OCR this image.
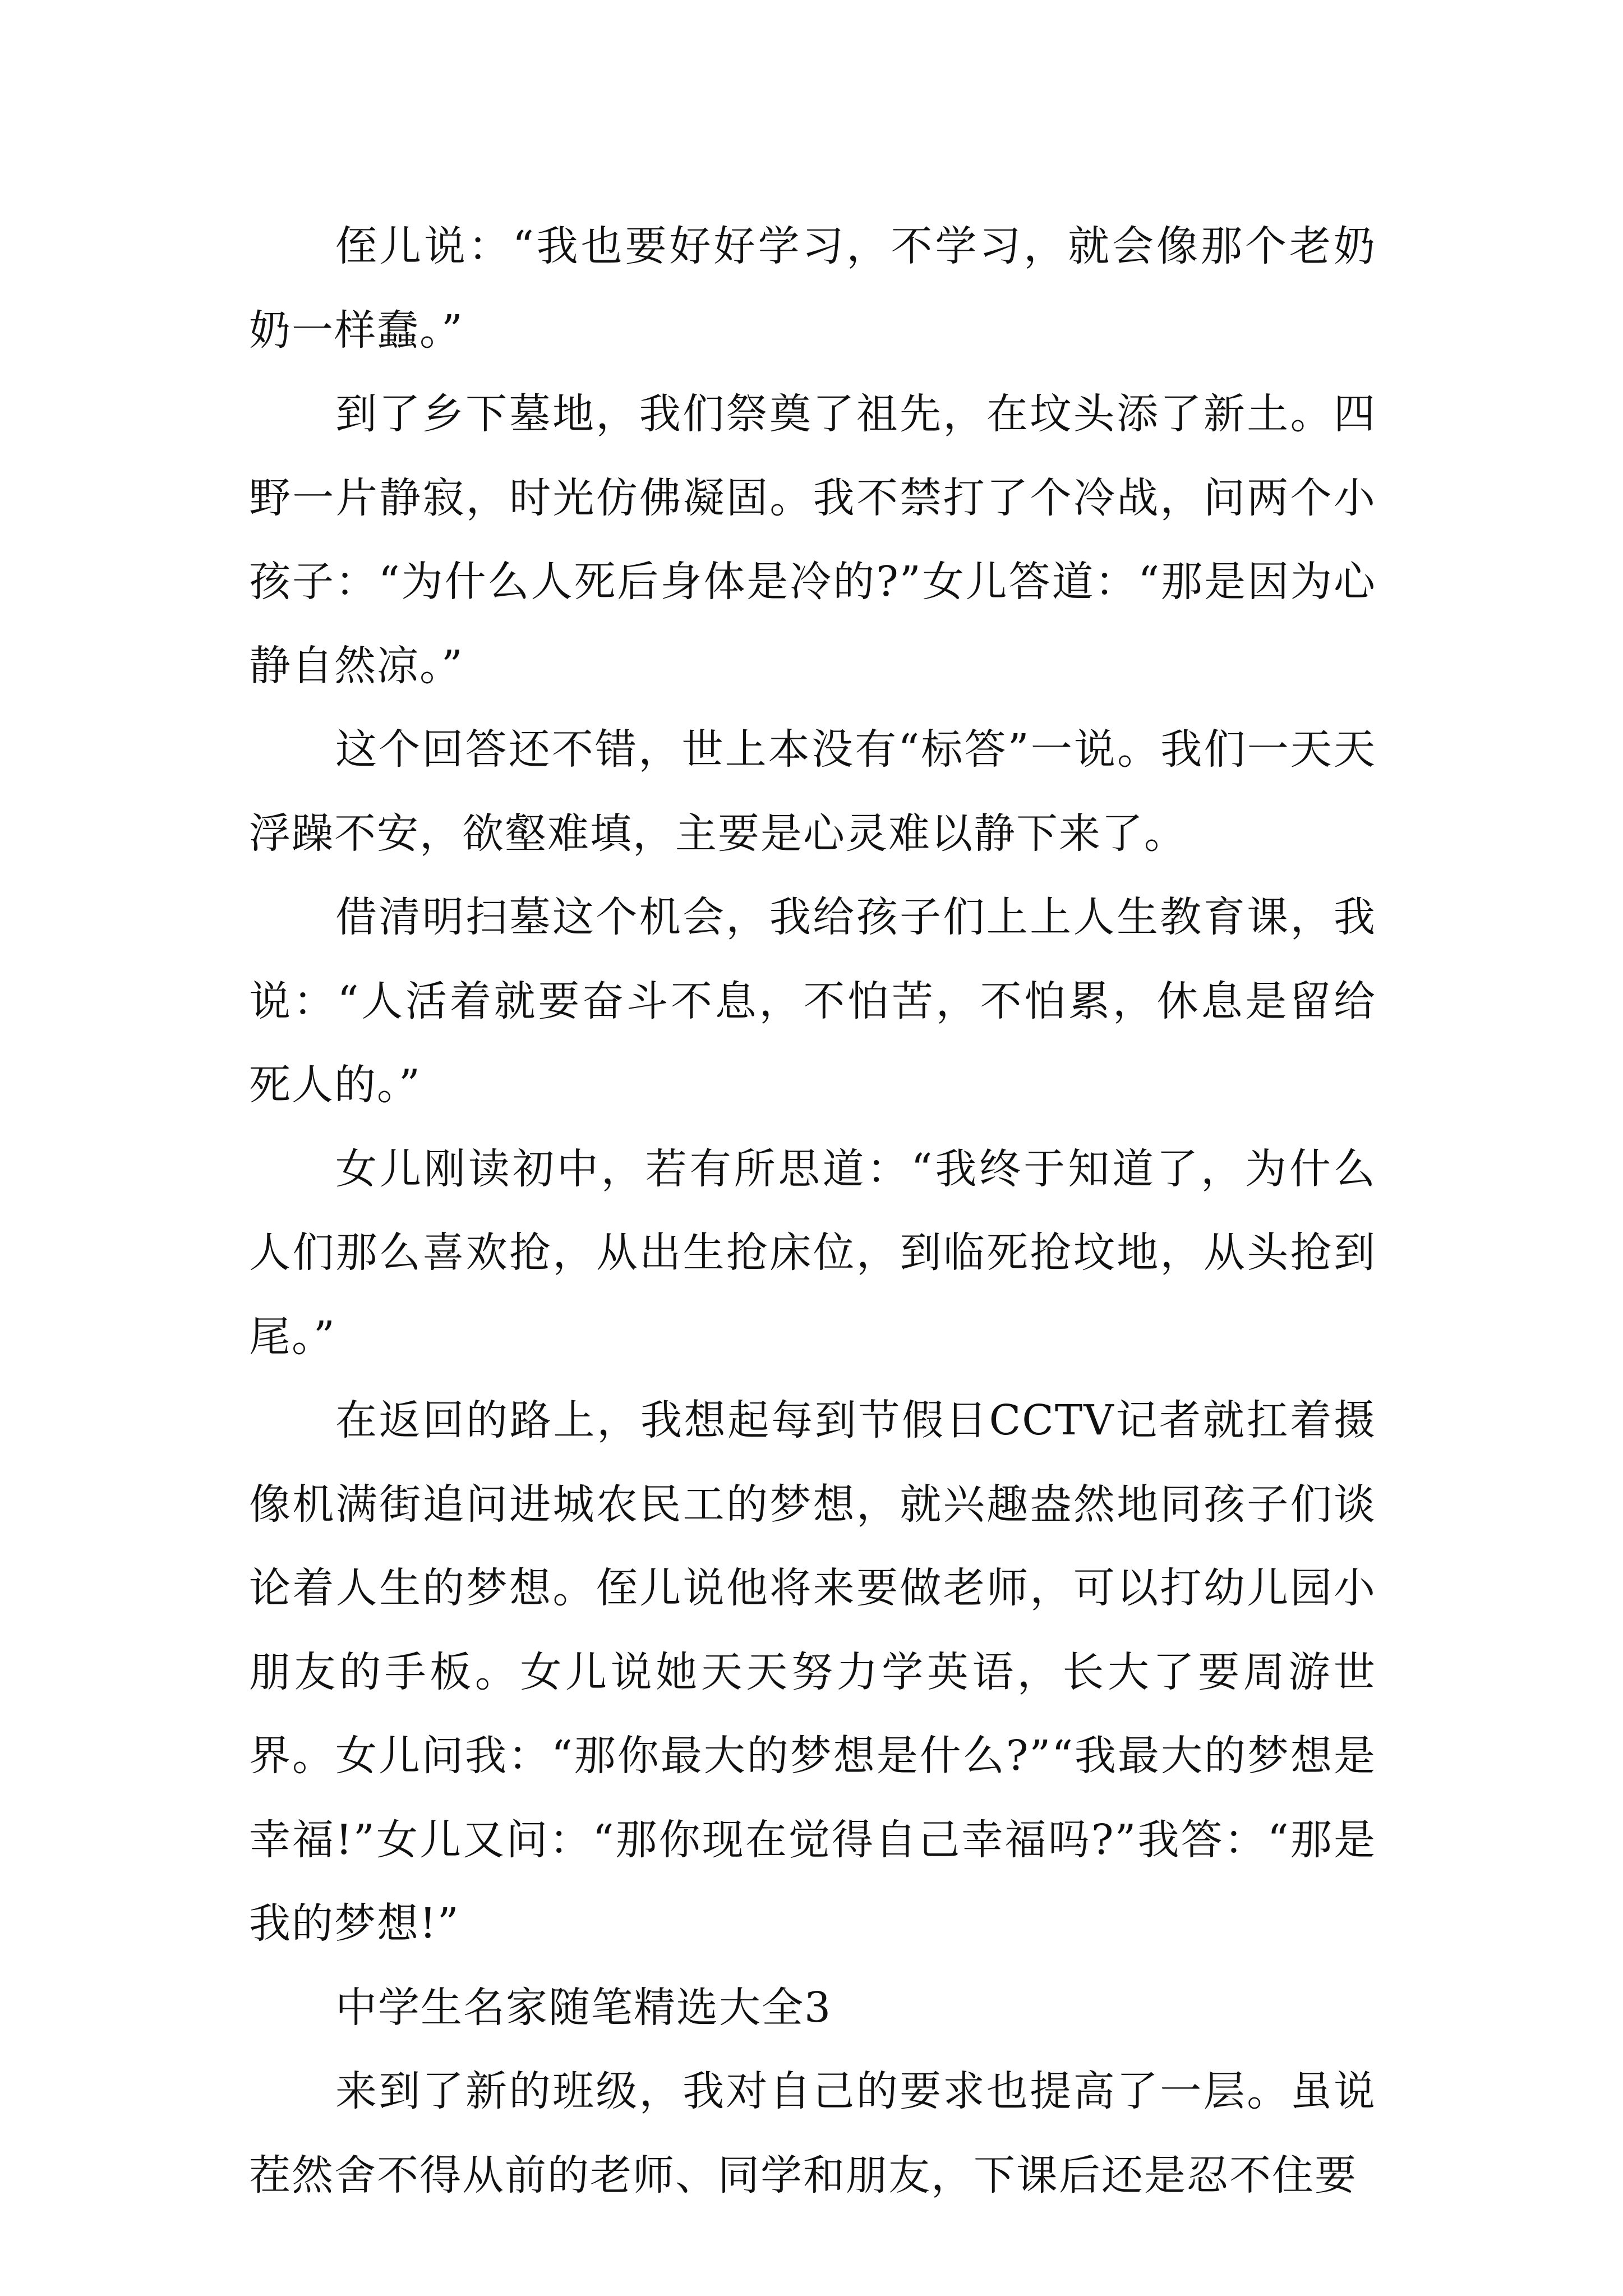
侄儿说：“我也要好好学习，不学习，就会像那个老奶奶一样蠢。”

到了乡下墓地，我们祭奠了祖先，在坟头添了新土。四野一片静寂，时光仿佛凝固。我不禁打了个冷战，问两个小孩子：“为什么人死后身体是冷的?”女儿答道：“那是因为心静自然凉。”

这个回答还不错，世上本没有“标答”一说。我们一天天浮躁不安，欲壑难填，主要是心灵难以静下来了。

借清明扫墓这个机会，我给孩子们上上人生教育课，我说：“人活着就要奋斗不息，不怕苦，不怕累，休息是留给死人的。”

女儿刚读初中，若有所思道：“我终于知道了，为什么人们那么喜欢抢，从出生抢床位，到临死抢坟地，从头抢到尾。”

在返回的路上，我想起每到节假日CCTV记者就扛着摄像机满街追问进城农民工的梦想，就兴趣盎然地同孩子们谈论着人生的梦想。侄儿说他将来要做老师，可以打幼儿园小朋友的手板。女儿说她天天努力学英语，长大了要周游世界。女儿问我：“那你最大的梦想是什么?”“我最大的梦想是幸福!”女儿又问：“那你现在觉得自己幸福吗?”我答：“那是我的梦想!”

中学生名家随笔精选大全3

来到了新的班级，我对自己的要求也提高了一层。虽说茬然舍不得从前的老师、同学和朋友，下课后还是忍不住要
